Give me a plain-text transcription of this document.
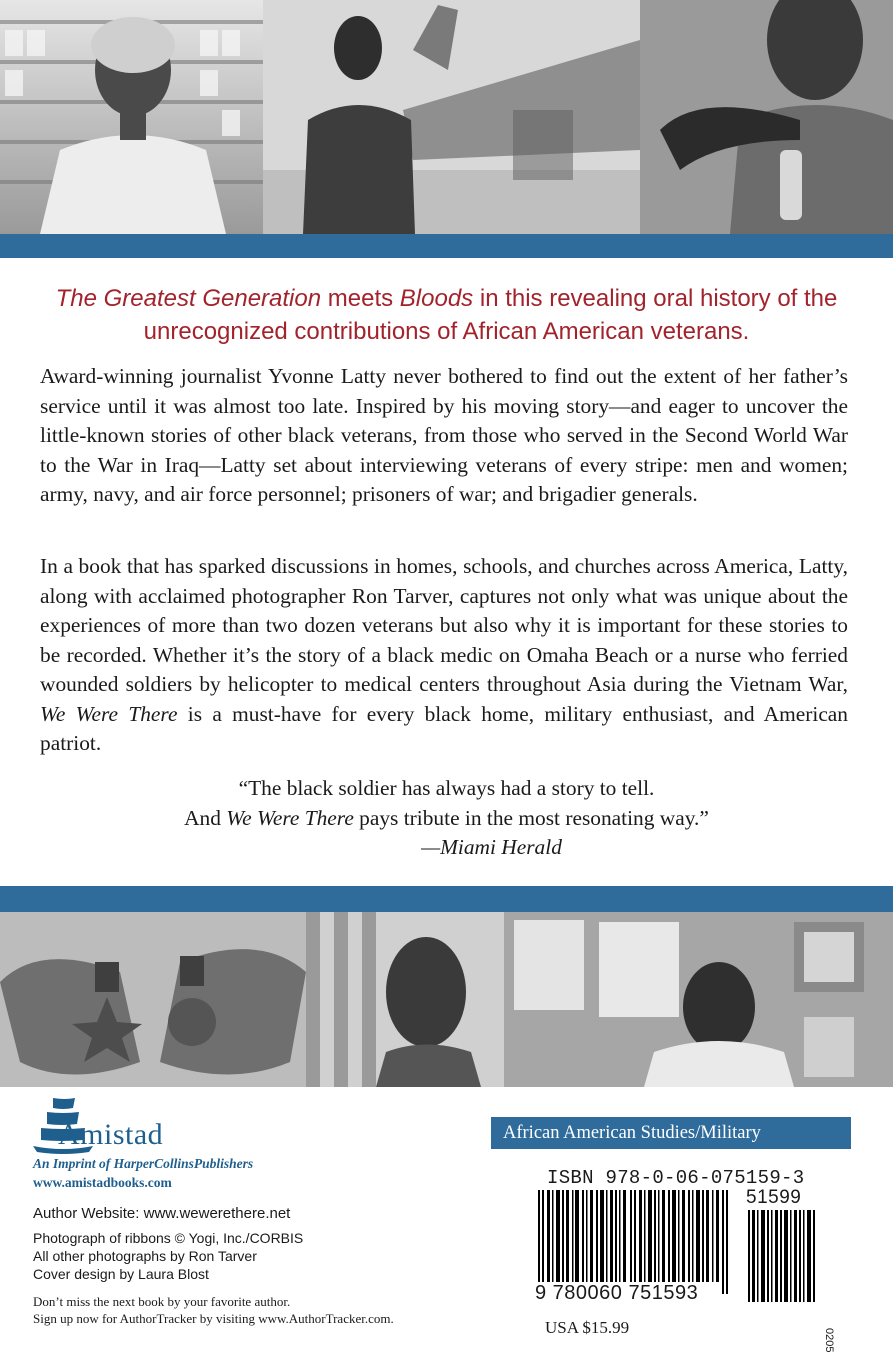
The Greatest Generation meets Bloods in this revealing oral history of the unrecognized contributions of African American veterans.
Award-winning journalist Yvonne Latty never bothered to find out the extent of her father’s service until it was almost too late. Inspired by his moving story—and eager to uncover the little-known stories of other black veterans, from those who served in the Second World War to the War in Iraq—Latty set about interviewing veterans of every stripe: men and women; army, navy, and air force personnel; prisoners of war; and brigadier generals.
In a book that has sparked discussions in homes, schools, and churches across America, Latty, along with acclaimed photographer Ron Tarver, captures not only what was unique about the experiences of more than two dozen veterans but also why it is important for these stories to be recorded. Whether it’s the story of a black medic on Omaha Beach or a nurse who ferried wounded soldiers by helicopter to medical centers throughout Asia during the Vietnam War, We Were There is a must-have for every black home, military enthusiast, and American patriot.
“The black soldier has always had a story to tell.
And We Were There pays tribute in the most resonating way.”
—Miami Herald
Amistad
An Imprint of HarperCollinsPublishers
www.amistadbooks.com
Author Website: www.wewerethere.net
Photograph of ribbons © Yogi, Inc./CORBIS
All other photographs by Ron Tarver
Cover design by Laura Blost
Don’t miss the next book by your favorite author.
Sign up now for AuthorTracker by visiting www.AuthorTracker.com.
African American Studies/Military
ISBN 978-0-06-075159-3
9 780060 751593
51599
USA $15.99
0205
